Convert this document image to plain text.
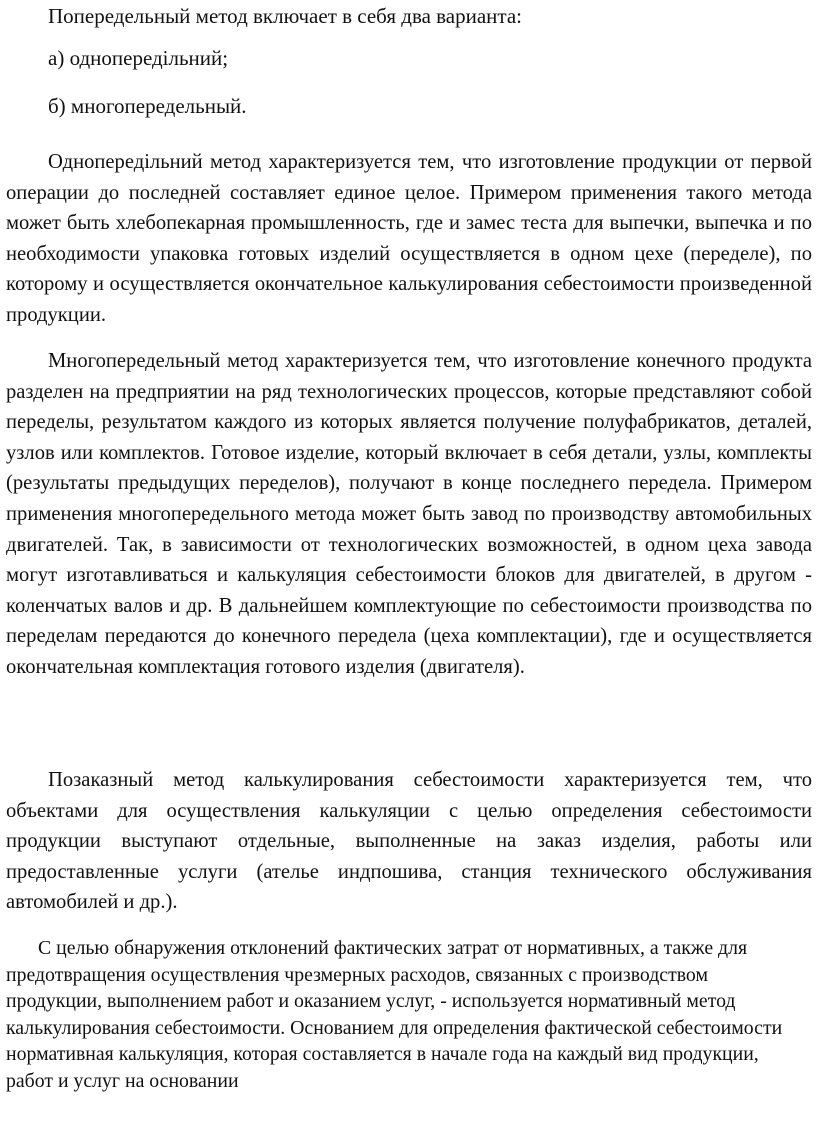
Попередельный метод включает в себя два варианта:

а) однопередільний;

б) многопередельный.

Однопередільний метод характеризуется тем, что изготовление продукции от первой операции до последней составляет единое целое. Примером применения такого метода может быть хлебопекарная промышленность, где и замес теста для выпечки, выпечка и по необходимости упаковка готовых изделий осуществляется в одном цехе (переделе), по которому и осуществляется окончательное калькулирования себестоимости произведенной продукции.

Многопередельный метод характеризуется тем, что изготовление конечного продукта разделен на предприятии на ряд технологических процессов, которые представляют собой переделы, результатом каждого из которых является получение полуфабрикатов, деталей, узлов или комплектов. Готовое изделие, который включает в себя детали, узлы, комплекты (результаты предыдущих переделов), получают в конце последнего передела. Примером применения многопередельного метода может быть завод по производству автомобильных двигателей. Так, в зависимости от технологических возможностей, в одном цеха завода могут изготавливаться и калькуляция себестоимости блоков для двигателей, в другом - коленчатых валов и др. В дальнейшем комплектующие по себестоимости производства по переделам передаются до конечного передела (цеха комплектации), где и осуществляется окончательная комплектация готового изделия (двигателя).

Позаказный метод калькулирования себестоимости характеризуется тем, что объектами для осуществления калькуляции с целью определения себестоимости продукции выступают отдельные, выполненные на заказ изделия, работы или предоставленные услуги (ателье индпошива, станция технического обслуживания автомобилей и др.).

С целью обнаружения отклонений фактических затрат от нормативных, а также для предотвращения осуществления чрезмерных расходов, связанных с производством продукции, выполнением работ и оказанием услуг, - используется нормативный метод калькулирования себестоимости. Основанием для определения фактической себестоимости нормативная калькуляция, которая составляется в начале года на каждый вид продукции, работ и услуг на основании
